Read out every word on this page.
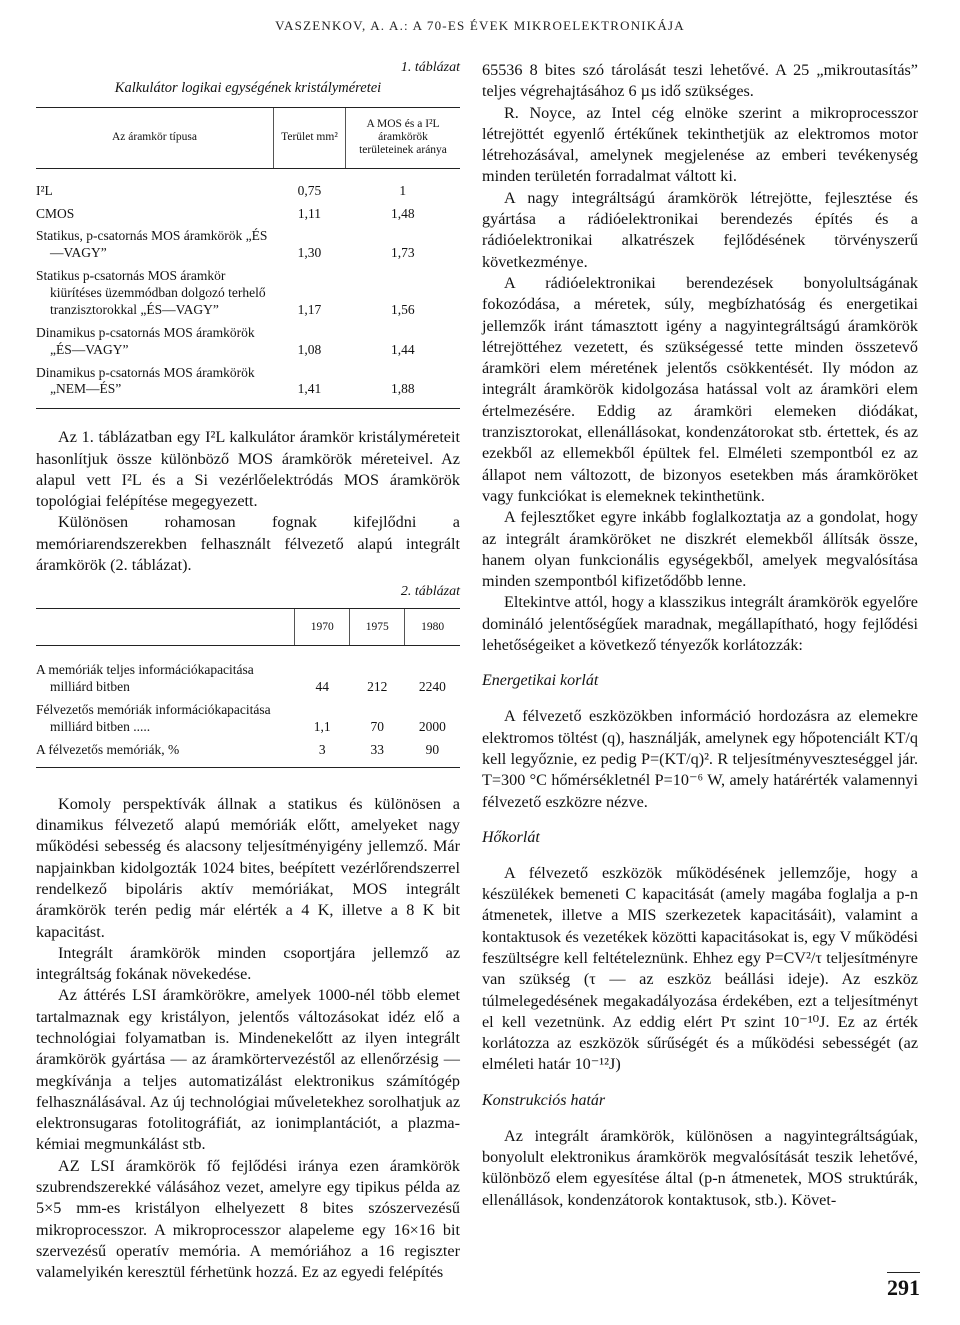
VASZENKOV, A. A.: A 70-ES ÉVEK MIKROELEKTRONIKÁJA

1. táblázat

Kalkulátor logikai egységének kristályméretei

Az áramkör típusa	Terület mm²	A MOS és a I²L áramkörök területeinek aránya
I²L	0,75	1
CMOS	1,11	1,48
Statikus, p-csatornás MOS áramkörök „ÉS—VAGY”	1,30	1,73
Statikus p-csatornás MOS áramkör kiürítéses üzemmódban dolgozó terhelő tranzisztorokkal „ÉS—VAGY”	1,17	1,56
Dinamikus p-csatornás MOS áramkörök „ÉS—VAGY”	1,08	1,44
Dinamikus p-csatornás MOS áramkörök „NEM—ÉS”	1,41	1,88

Az 1. táblázatban egy I²L kalkulátor áramkör kristályméreteit hasonlítjuk össze különböző MOS áramkörök méreteivel. Az alapul vett I²L és a Si vezérlőelektródás MOS áramkörök topológiai felépítése megegyezett.

Különösen rohamosan fognak kifejlődni a memóriarendszerekben felhasznált félvezető alapú integrált áramkörök (2. táblázat).

2. táblázat

	1970	1975	1980
A memóriák teljes információkapacitása milliárd bitben	44	212	2240
Félvezetős memóriák információkapacitása milliárd bitben .....	1,1	70	2000
A félvezetős memóriák, %	3	33	90

Komoly perspektívák állnak a statikus és különösen a dinamikus félvezető alapú memóriák előtt, amelyeket nagy működési sebesség és alacsony teljesítményigény jellemző. Már napjainkban kidolgozták 1024 bites, beépített vezérlőrendszerrel rendelkező bipoláris aktív memóriákat, MOS integrált áramkörök terén pedig már elérték a 4 K, illetve a 8 K bit kapacitást.

Integrált áramkörök minden csoportjára jellemző az integráltság fokának növekedése.

Az áttérés LSI áramkörökre, amelyek 1000-nél több elemet tartalmaznak egy kristályon, jelentős változásokat idéz elő a technológiai folyamatban is. Mindenekelőtt az ilyen integrált áramkörök gyártása — az áramkörtervezéstől az ellenőrzésig — megkívánja a teljes automatizálást elektronikus számítógép felhasználásával. Az új technológiai műveletekhez sorolhatjuk az elektronsugaras fotolitográfiát, az ionimplantációt, a plazma-kémiai megmunkálást stb.

AZ LSI áramkörök fő fejlődési iránya ezen áramkörök szubrendszerekké válásához vezet, amelyre egy tipikus példa az 5×5 mm-es kristályon elhelyezett 8 bites szószervezésű mikroprocesszor. A mikroprocesszor alapeleme egy 16×16 bit szervezésű operatív memória. A memóriához a 16 regiszter valamelyikén keresztül férhetünk hozzá. Ez az egyedi felépítés

65536 8 bites szó tárolását teszi lehetővé. A 25 „mikroutasítás” teljes végrehajtásához 6 µs idő szükséges.

R. Noyce, az Intel cég elnöke szerint a mikroprocesszor létrejöttét egyenlő értékűnek tekinthetjük az elektromos motor létrehozásával, amelynek megjelenése az emberi tevékenység minden területén forradalmat váltott ki.

A nagy integráltságú áramkörök létrejötte, fejlesztése és gyártása a rádióelektronikai berendezés építés és a rádióelektronikai alkatrészek fejlődésének törvényszerű következménye.

A rádióelektronikai berendezések bonyolultságának fokozódása, a méretek, súly, megbízhatóság és energetikai jellemzők iránt támasztott igény a nagyintegráltságú áramkörök létrejöttéhez vezetett, és szükségessé tette minden összetevő áramköri elem méretének jelentős csökkentését. Ily módon az integrált áramkörök kidolgozása hatással volt az áramköri elem értelmezésére. Eddig az áramköri elemeken diódákat, tranzisztorokat, ellenállásokat, kondenzátorokat stb. értettek, és az ezekből az ellemekből épültek fel. Elméleti szempontból ez az állapot nem változott, de bizonyos esetekben más áramköröket vagy funkciókat is elemeknek tekinthetünk.

A fejlesztőket egyre inkább foglalkoztatja az a gondolat, hogy az integrált áramköröket ne diszkrét elemekből állítsák össze, hanem olyan funkcionális egységekből, amelyek megvalósítása minden szempontból kifizetődőbb lenne.

Eltekintve attól, hogy a klasszikus integrált áramkörök egyelőre domináló jelentőségűek maradnak, megállapítható, hogy fejlődési lehetőségeiket a következő tényezők korlátozzák:

Energetikai korlát

A félvezető eszközökben információ hordozásra az elemekre elektromos töltést (q), használják, amelynek egy hőpotenciált KT/q kell legyőznie, ez pedig P=(KT/q)². R teljesítményveszteséggel jár. T=300 °C hőmérsékletnél P=10⁻⁶ W, amely határérték valamennyi félvezető eszközre nézve.

Hőkorlát

A félvezető eszközök működésének jellemzője, hogy a készülékek bemeneti C kapacitását (amely magába foglalja a p-n átmenetek, illetve a MIS szerkezetek kapacitásáit), valamint a kontaktusok és vezetékek közötti kapacitásokat is, egy V működési feszültségre kell feltételeznünk. Ehhez egy P=CV²/τ teljesítményre van szükség (τ — az eszköz beállási ideje). Az eszköz túlmelegedésének megakadályozása érdekében, ezt a teljesítményt el kell vezetnünk. Az eddig elért Pτ szint 10⁻¹⁰J. Ez az érték korlátozza az eszközök sűrűségét és a működési sebességét (az elméleti határ 10⁻¹²J)

Konstrukciós határ

Az integrált áramkörök, különösen a nagyintegráltságúak, bonyolult elektronikus áramkörök megvalósítását teszik lehetővé, különböző elem egyesítése által (p-n átmenetek, MOS struktúrák, ellenállások, kondenzátorok kontaktusok, stb.). Követ-

291
